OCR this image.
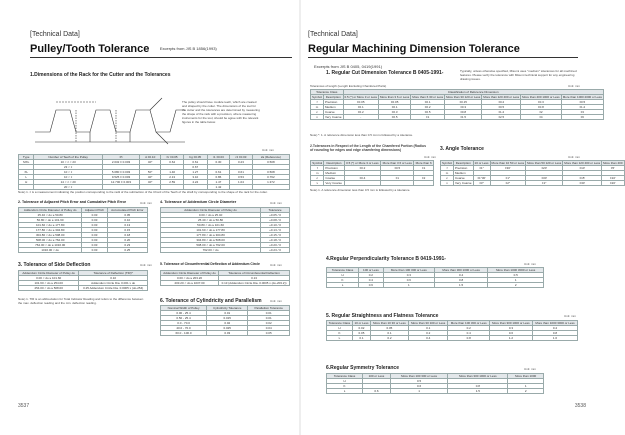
[Technical Data]
Pulley/Tooth Tolerance	Excerpts from JIS B 1856(1993)
1.Dimensions of the Rack for the Cutter and the Tolerances
The pulley should have module teeth, which are created
and shaped by the cutter. The dimensions of the tool for
the cutter and the tolerances are determined by measuring
the shape of the rack with a precision, where measuring
instruments for the tool, should be agree with the relevant
figures in the table below.
Unit: mm
Type	Number of Teeth of the Pulley	Pt	A ±0.10	hr ±0.05	bg ±0.05	r1 ±0.03	r2 ±0.03	2a (Reference)
MXL	10 < z < 23	2.032 ± 0.003	40°	0.64	0.61	0.30	0.23	0.508
	23 < z				0.67			
XL	10 < z	5.080 ± 0.003	50°	1.40	1.27	0.61	0.61	0.508
L	10 < z	9.525 ± 0.003	40°	2.13	3.10	0.86	0.53	0.762
H	14 < z < 20	12.700 ± 0.003	40°	2.59	4.24	1.47	1.04	1.372
	20 < z					1.42		
Note) 1. z is a measurement indicating the position corresponding to the radii of the subtraction of the Chord of the Teeth of the shaft by corresponding to the shape of the rack for the cutter.
2. Tolerance of Adjacent Pitch Error and Cumulative Pitch Error	Unit: mm
Addendum Circle Diameter of Pulley do	Adjacent Pitch	Accumulated Pitch Error
25.40 < do ≤ 50.80	0.03	0.05
50.80 < do ≤ 101.60	0.03	0.10
101.60 < do ≤ 177.80	0.03	0.13
177.80 < do ≤ 304.80	0.03	0.15
304.80 < do ≤ 508.00	0.03	0.18
508.00 < do ≤ 762.00	0.03	0.20
762.00 < do ≤ 1016.00	0.03	0.23
1016.00 < do	0.03	0.25
4. Tolerance of Addendum Circle Diameter	Unit: mm
Addendum Circle Diameter of Pulley do	Tolerance
0.00 < do ≤ 25.40	+0.05 / 0
25.40 < do ≤ 50.80	+0.08 / 0
50.80 < do ≤ 101.60	+0.10 / 0
101.60 < do ≤ 177.80	+0.13 / 0
177.80 < do ≤ 304.80	+0.15 / 0
304.80 < do ≤ 508.00	+0.18 / 0
508.00 < do ≤ 762.00	+0.20 / 0
762.00 < do	+0.23 / 0
3. Tolerance of Side Deflection	Unit: mm
Addendum Circle Diameter of Pulley do	Tolerance of Deflection (TIR)*
0.00 < do ≤ 101.60	0.10
101.60 < do ≤ 254.00	Addendum Circle Dia. 0.001 x do
254.00 < do ≤ 508.00	0.25 Addendum Circle Dia. 0.0005 x (do-254)
Note) 1. TIR is an abbreviation for Total Indicator Reading and refers to the difference between the max. deflection reading and the min. deflection reading.
5. Tolerance of Circumferential Deflection of Addendum Circle	Unit: mm
Addendum Circle Diameter of Pulley do	Tolerance of Circumferential Deflection
0.00 < do ≤ 203.20	0.13
203.20 < do ≤ 1037.00	0.13 (Addendum Circle Dia. 0.0005 x (do-203.2))
6. Tolerance of Cylindricity and Parallelism	Unit: mm
Nominal Width of Pulley	Cylindricity Tolerance	Parallelism Tolerance
0.00 - 25.4	0.01	0.01
0.50 - 25.4	0.015	0.01
0.0 - 70.0	0.02	0.02
40.0 - 70.0	0.025	0.04
60.0 - 100.0	0.03	0.05
3537
[Technical Data]
Regular Machining Dimension Tolerance Excerpts from JIS B 0405, 0419(1991)
1. Regular Cut Dimension Tolerance B 0405-1991-	Typically, unless otherwise specified, Misumi uses "medium" tolerances for all machined features. Please verify the tolerance with Misumi technical support for any engineering drawing issues.
Tolerances of length (Length Excluding Chamfered Parts)	Unit: mm
Tolerance Class		Classification of Reference Dimension						
Symbol	Description	0.5 (*) or More 3 or Less	More than 3 6 or Less	More than 6 30 or Less	More than 30 120 or Less	More than 120 400 or Less	More than 400 1000 or Less	More than 1000 2000 or Less
f	Precision	±0.05	±0.05	±0.1	±0.15	±0.2	±0.3	±0.5
m	Medium	±0.1	±0.1	±0.2	±0.3	±0.5	±0.8	±1.2
c	Coarse	±0.2	±0.3	±0.5	±0.8	±1.2	±2	±3
v	Very Coarse	-	±0.5	±1	±1.5	±2.5	±4	±6
Note) *: 1. A reference dimension less than 0.5 mm is followed by a tolerance.
2.Tolerances in Respect of the Length of the Chamfered Portion (Radius of rounding for edges and edge chamfering dimensions)
Unit: mm
Symbol	Description	0.5 (*) or More 3 or Less	More than 3 6 or Less	More than 6
f	Precision	±0.2	±0.5	±1
m	Medium			
c	Coarse	±0.4	±1	±2
v	Very Coarse			
Note) 1. A reference dimension less than 0.5 mm is followed by a tolerance.
3. Angle Tolerance
Unit: mm
Symbol	Description	10 or Less	More than 10 50 or Less	More than 50 120 or Less	More than 120 400 or Less	More than 400
f	Precision	±1°	±30'	±20'	±10'	±5'
m	Medium					
c	Coarse	±1°30'	±1°	±30'	±15'	±10'
v	Very Coarse	±3°	±2°	±1°	±30'	±20'
4.Regular Perpendicularity Tolerance B 0419-1991-
Unit: mm
Tolerance Class	100 or Less	More than 100 300 or Less	More than 300 1000 or Less	More than 1000 3000 or Less
H	0.2	0.3	0.4	0.5
K	0.4	0.6	0.8	1
L	0.6	1	1.5	2
5. Regular Straightness and Flatness Tolerance	Unit: mm
Tolerance Class	10 or Less	More than 10 30 or Less	More than 30 100 or Less	More than 100 300 or Less	More than 300 1000 or Less	More than 1000 3000 or Less
H	0.02	0.05	0.1	0.2	0.3	0.4
K	0.05	0.1	0.2	0.4	0.6	0.8
L	0.1	0.2	0.4	0.8	1.2	1.6
6.Regular Symmetry Tolerance	Unit: mm
Tolerance Class	100 or Less	More than 100 300 or Less	More than 300 1000 or Less	More than 1000
H		0.5		
K		0.6	0.8	1
L	0.6	1	1.5	2
3538
